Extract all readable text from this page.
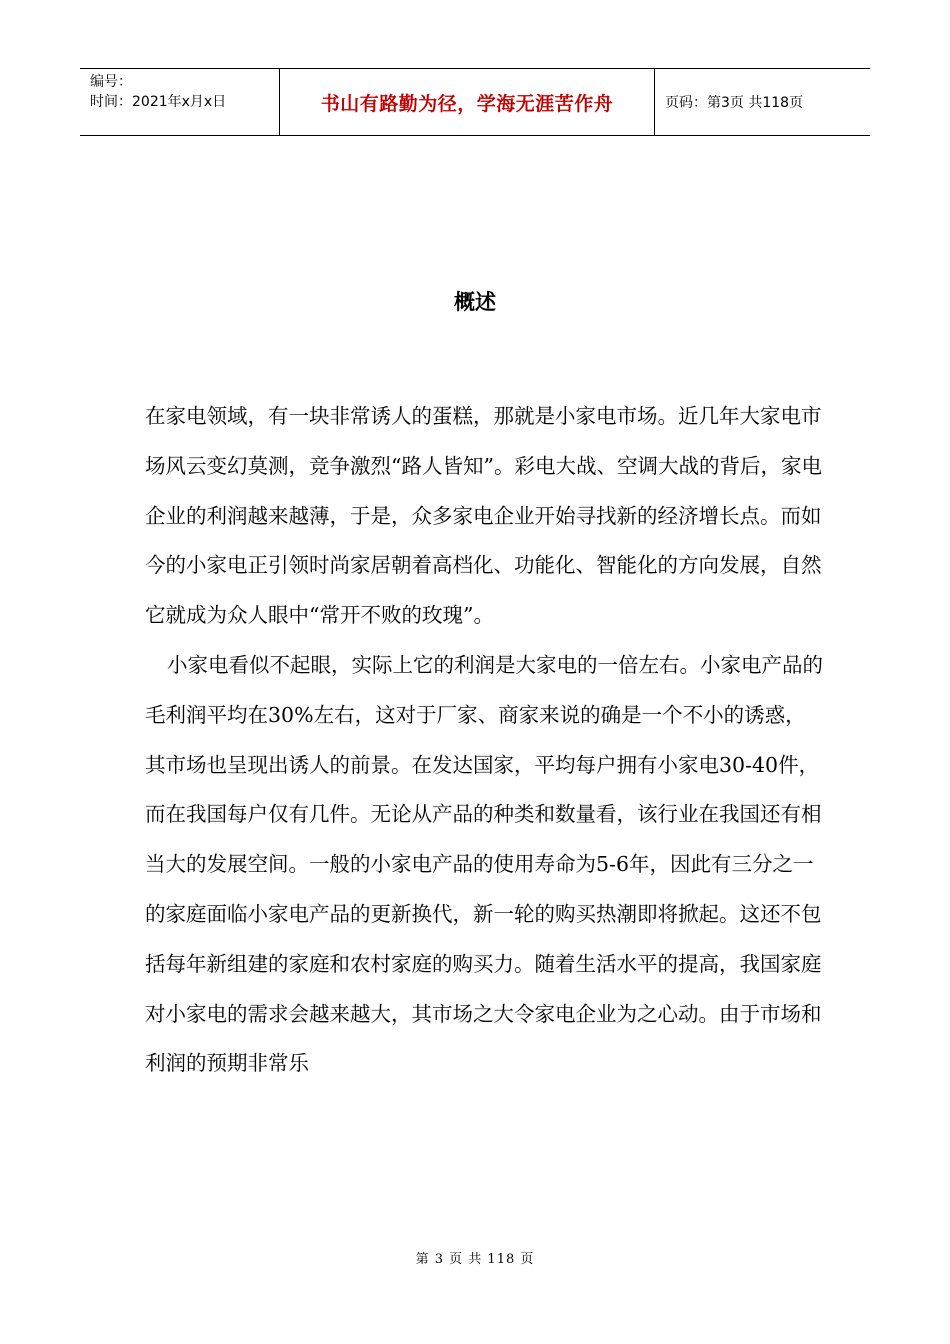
编号：
时间：2021年x月x日	书山有路勤为径，学海无涯苦作舟	页码：第3页 共118页
概述

在家电领域，有一块非常诱人的蛋糕，那就是小家电市场。近几年大家电市场风云变幻莫测，竞争激烈“路人皆知”。彩电大战、空调大战的背后，家电企业的利润越来越薄，于是，众多家电企业开始寻找新的经济增长点。而如今的小家电正引领时尚家居朝着高档化、功能化、智能化的方向发展，自然它就成为众人眼中“常开不败的玫瑰”。

小家电看似不起眼，实际上它的利润是大家电的一倍左右。小家电产品的毛利润平均在30%左右，这对于厂家、商家来说的确是一个不小的诱惑，其市场也呈现出诱人的前景。在发达国家，平均每户拥有小家电30-40件，而在我国每户仅有几件。无论从产品的种类和数量看，该行业在我国还有相当大的发展空间。一般的小家电产品的使用寿命为5-6年，因此有三分之一的家庭面临小家电产品的更新换代，新一轮的购买热潮即将掀起。这还不包括每年新组建的家庭和农村家庭的购买力。随着生活水平的提高，我国家庭对小家电的需求会越来越大，其市场之大令家电企业为之心动。由于市场和利润的预期非常乐

第 3 页 共 118 页
